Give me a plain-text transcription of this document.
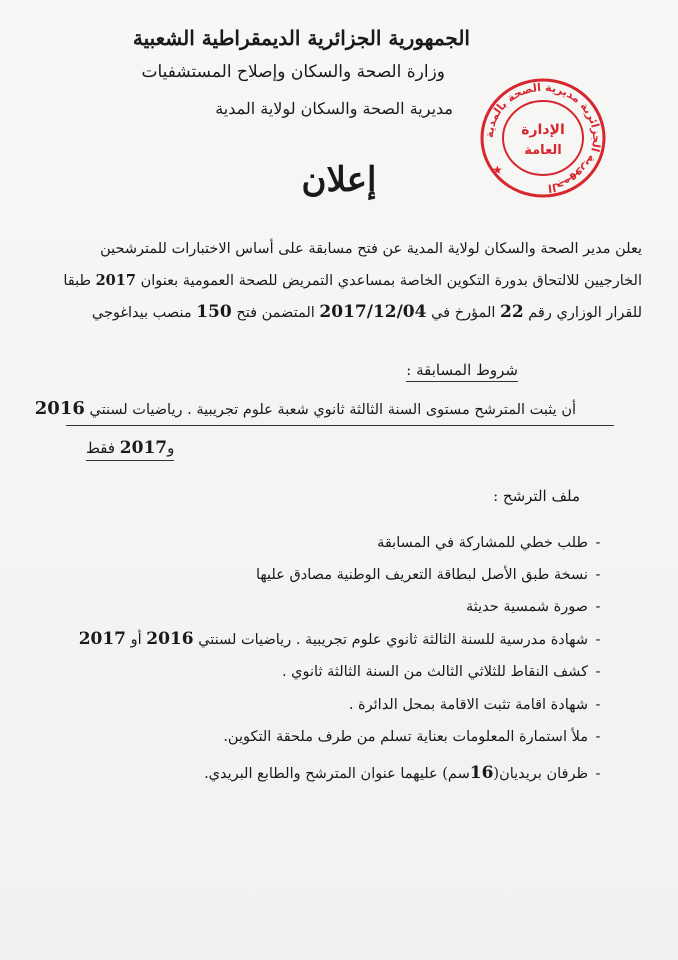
الجمهورية الجزائرية الديمقراطية الشعبية
وزارة الصحة والسكان وإصلاح المستشفيات
مديرية الصحة والسكان لولاية المدية
الجمهورية الجزائرية مديرية الصحة بالمدية
الإدارة
العامة
★
إعلان
يعلن مدير الصحة والسكان لولاية المدية عن فتح مسابقة على أساس الاختبارات للمترشحين
الخارجيين للالتحاق بدورة التكوين الخاصة بمساعدي التمريض للصحة العمومية بعنوان 2017 طبقا
للقرار الوزاري رقم 22 المؤرخ في 2017/12/04 المتضمن فتح 150 منصب بيداغوجي
شروط المسابقة :
أن يثبت المترشح مستوى السنة الثالثة ثانوي شعبة علوم تجريبية . رياضيات لسنتي 2016
و2017 فقط
ملف الترشح :
-طلب خطي للمشاركة في المسابقة
-نسخة طبق الأصل لبطاقة التعريف الوطنية مصادق عليها
-صورة شمسية حديثة
-شهادة مدرسية للسنة الثالثة ثانوي علوم تجريبية . رياضيات لسنتي 2016 أو 2017
-كشف النقاط للثلاثي الثالث من السنة الثالثة ثانوي .
-شهادة اقامة تثبت الاقامة بمحل الدائرة .
-ملأ استمارة المعلومات بعناية تسلم من طرف ملحقة التكوين.
-ظرفان بريديان(16سم) عليهما عنوان المترشح والطابع البريدي.
